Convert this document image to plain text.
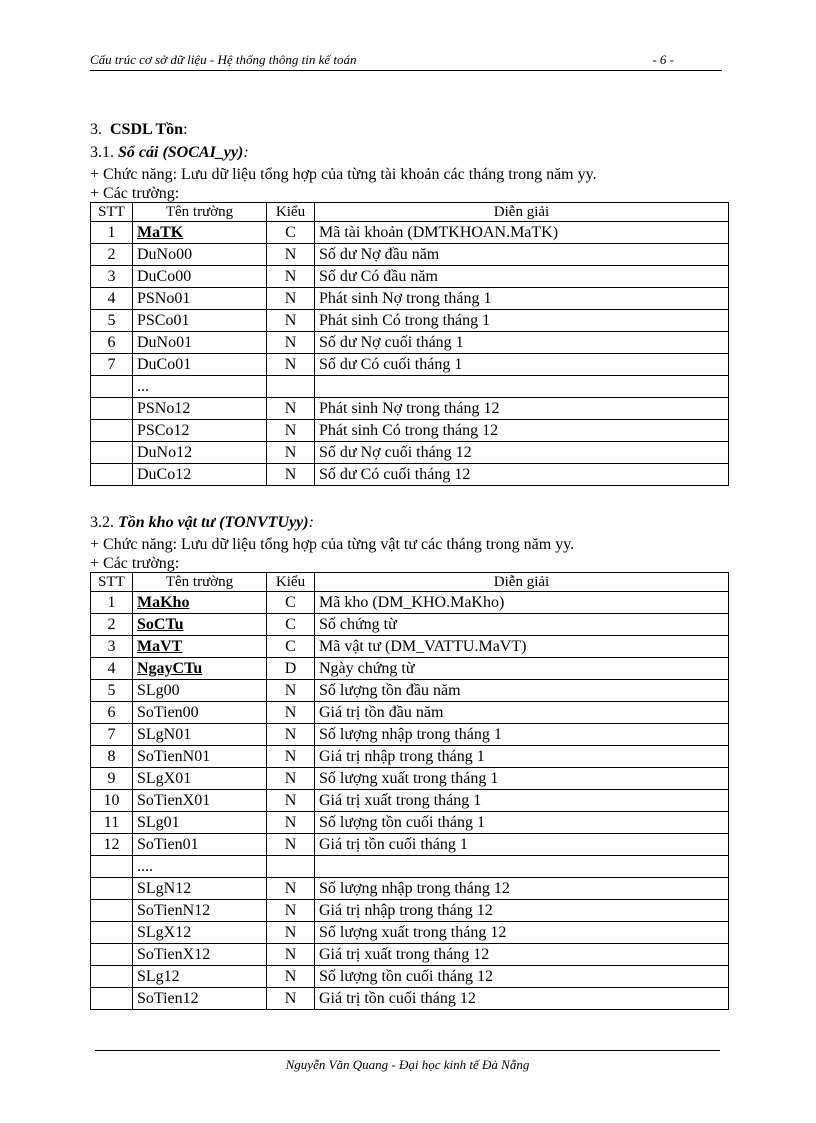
Cấu trúc cơ sở dữ liệu - Hệ thống thông tin kế toán	- 6 -
3. CSDL Tồn:
3.1. Sổ cái (SOCAI_yy):
+ Chức năng: Lưu dữ liệu tổng hợp của từng tài khoản các tháng trong năm yy.
+ Các trường:
STT	Tên trường	Kiểu	Diễn giải
1	MaTK	C	Mã tài khoản (DMTKHOAN.MaTK)
2	DuNo00	N	Số dư Nợ đầu năm
3	DuCo00	N	Số dư Có đầu năm
4	PSNo01	N	Phát sinh Nợ trong tháng 1
5	PSCo01	N	Phát sinh Có trong tháng 1
6	DuNo01	N	Số dư Nợ cuối tháng 1
7	DuCo01	N	Số dư Có cuối tháng 1
	...		
	PSNo12	N	Phát sinh Nợ trong tháng 12
	PSCo12	N	Phát sinh Có trong tháng 12
	DuNo12	N	Số dư Nợ cuối tháng 12
	DuCo12	N	Số dư Có cuối tháng 12
3.2. Tồn kho vật tư (TONVTUyy):
+ Chức năng: Lưu dữ liệu tổng hợp của từng vật tư các tháng trong năm yy.
+ Các trường:
STT	Tên trường	Kiểu	Diễn giải
1	MaKho	C	Mã kho (DM_KHO.MaKho)
2	SoCTu	C	Số chứng từ
3	MaVT	C	Mã vật tư (DM_VATTU.MaVT)
4	NgayCTu	D	Ngày chứng từ
5	SLg00	N	Số lượng tồn đầu năm
6	SoTien00	N	Giá trị tồn đầu năm
7	SLgN01	N	Số lượng nhập trong tháng 1
8	SoTienN01	N	Giá trị nhập trong tháng 1
9	SLgX01	N	Số lượng xuất trong tháng 1
10	SoTienX01	N	Giá trị xuất trong tháng 1
11	SLg01	N	Số lượng tồn cuối tháng 1
12	SoTien01	N	Giá trị tồn cuối tháng 1
	....		
	SLgN12	N	Số lượng nhập trong tháng 12
	SoTienN12	N	Giá trị nhập trong tháng 12
	SLgX12	N	Số lượng xuất trong tháng 12
	SoTienX12	N	Giá trị xuất trong tháng 12
	SLg12	N	Số lượng tồn cuối tháng 12
	SoTien12	N	Giá trị tồn cuối tháng 12
Nguyễn Văn Quang - Đại học kinh tế Đà Nẵng
